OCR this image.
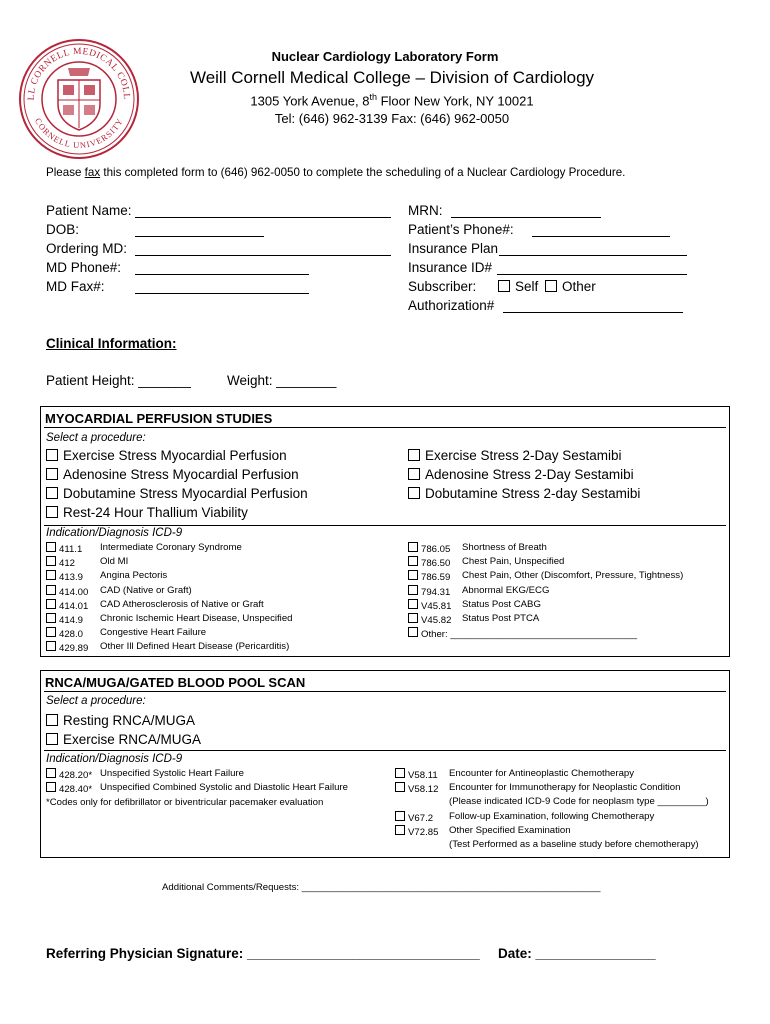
LL CORNELL MEDICAL COLL
CORNELL UNIVERSITY
Nuclear Cardiology Laboratory Form
Weill Cornell Medical College – Division of Cardiology
1305 York Avenue, 8th Floor New York, NY 10021
Tel: (646) 962-3139 Fax: (646) 962-0050
Please fax this completed form to (646) 962-0050 to complete the scheduling of a Nuclear Cardiology Procedure.
Patient Name:
DOB:
Ordering MD:
MD Phone#:
MD Fax#:
MRN:
Patient’s Phone#:
Insurance Plan
Insurance ID#
Subscriber:	Self	Other
Authorization#
Clinical Information:
Patient Height: _______	Weight: ________
MYOCARDIAL PERFUSION STUDIES
Select a procedure:
Exercise Stress Myocardial Perfusion
Adenosine Stress Myocardial Perfusion
Dobutamine Stress Myocardial Perfusion
Rest-24 Hour Thallium Viability
Exercise Stress 2-Day Sestamibi
Adenosine Stress 2-Day Sestamibi
Dobutamine Stress 2-day Sestamibi
Indication/Diagnosis ICD-9
411.1 Intermediate Coronary Syndrome
412	Old MI
413.9 Angina Pectoris
414.00 CAD (Native or Graft)
414.01 CAD Atherosclerosis of Native or Graft
414.9 Chronic Ischemic Heart Disease, Unspecified
428.0 Congestive Heart Failure
429.89 Other Ill Defined Heart Disease (Pericarditis)
786.05 Shortness of Breath
786.50 Chest Pain, Unspecified
786.59 Chest Pain, Other (Discomfort, Pressure, Tightness)
794.31 Abnormal EKG/ECG
V45.81 Status Post CABG
V45.82 Status Post PTCA
Other: ___________________________________
RNCA/MUGA/GATED BLOOD POOL SCAN
Select a procedure:
Resting RNCA/MUGA
Exercise RNCA/MUGA
Indication/Diagnosis ICD-9
428.20* Unspecified Systolic Heart Failure
428.40* Unspecified Combined Systolic and Diastolic Heart Failure
*Codes only for defibrillator or biventricular pacemaker evaluation
V58.11 Encounter for Antineoplastic Chemotherapy
V58.12 Encounter for Immunotherapy for Neoplastic Condition
(Please indicated ICD-9 Code for neoplasm type _________)
V67.2 Follow-up Examination, following Chemotherapy
V72.85 Other Specified Examination
(Test Performed as a baseline study before chemotherapy)
Additional Comments/Requests: ________________________________________________________
Referring Physician Signature: _______________________________ Date: ________________
